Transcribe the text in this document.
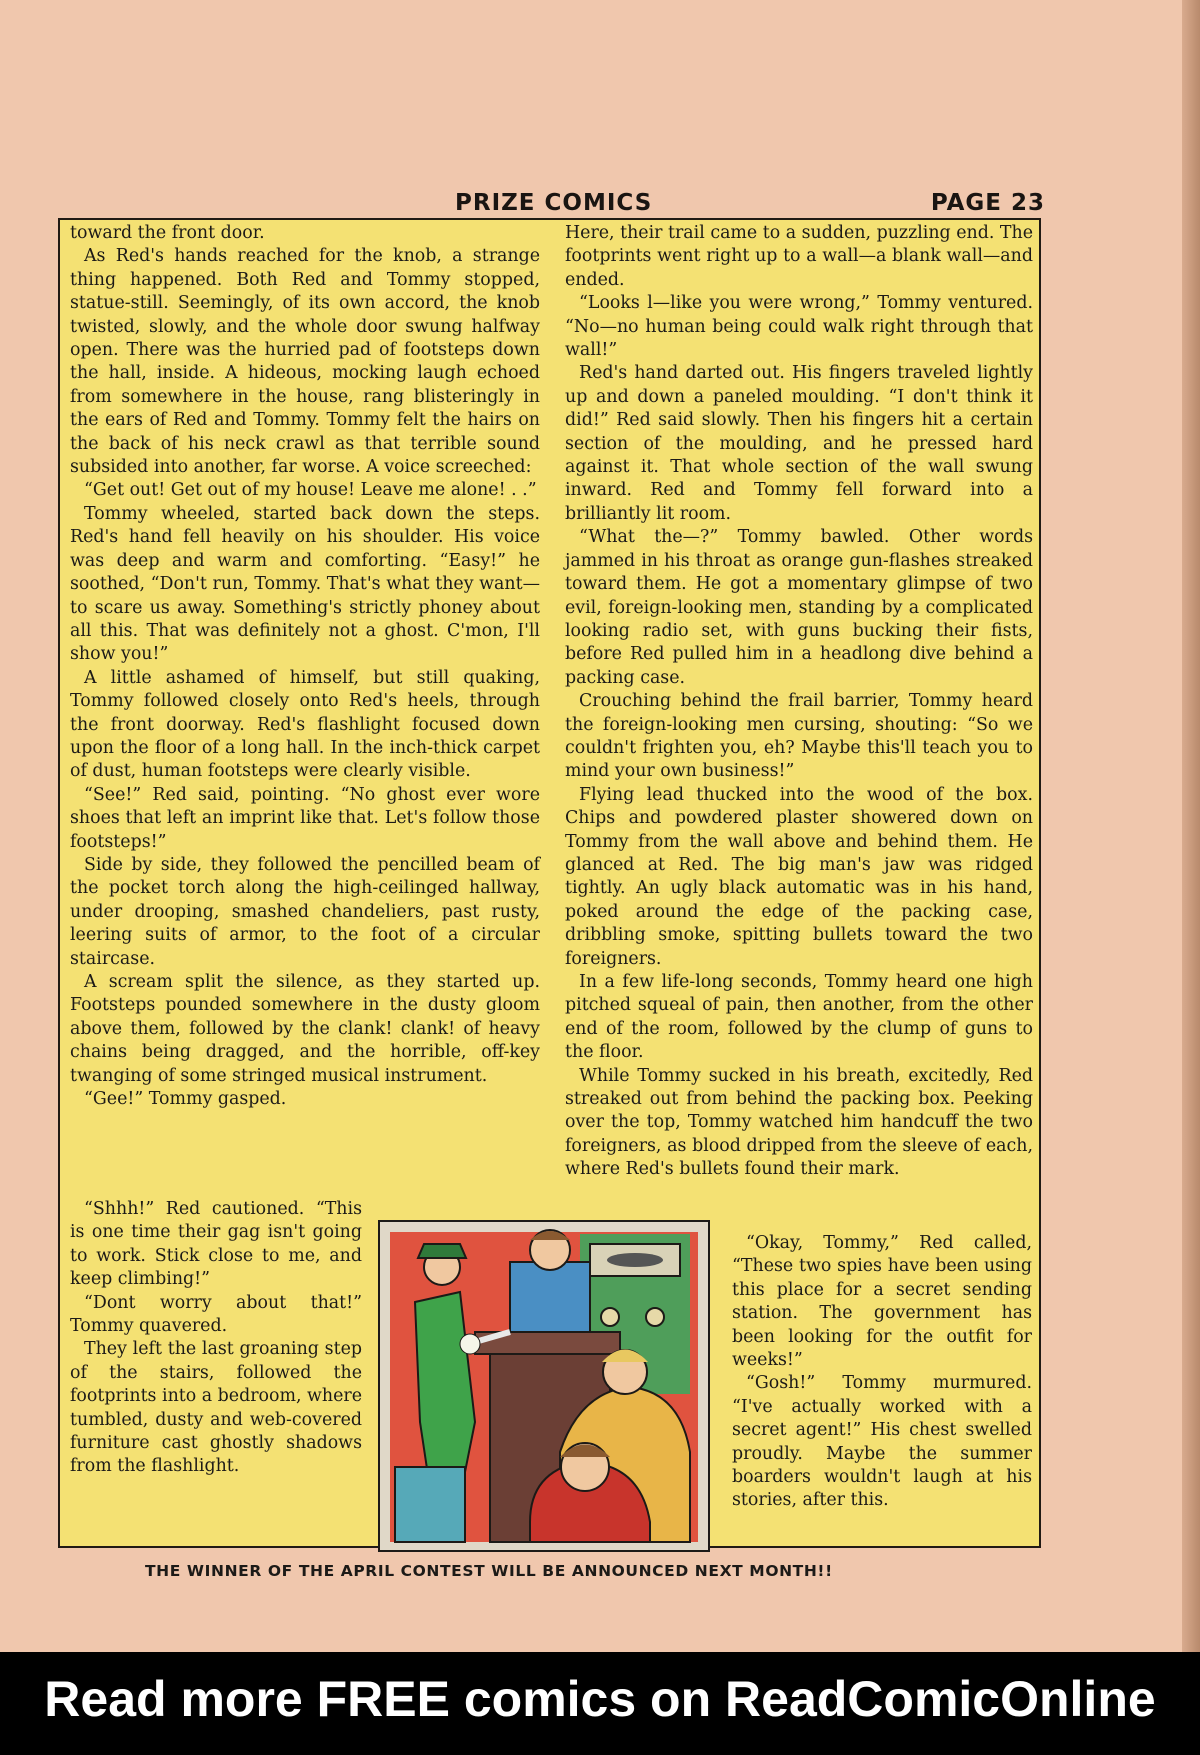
PRIZE COMICS	PAGE 23

toward the front door.

As Red's hands reached for the knob, a strange thing happened. Both Red and Tommy stopped, statue-still. Seemingly, of its own accord, the knob twisted, slowly, and the whole door swung halfway open. There was the hurried pad of footsteps down the hall, inside. A hideous, mocking laugh echoed from somewhere in the house, rang blisteringly in the ears of Red and Tommy. Tommy felt the hairs on the back of his neck crawl as that terrible sound subsided into another, far worse. A voice screeched:

“Get out! Get out of my house! Leave me alone! . .”

Tommy wheeled, started back down the steps. Red's hand fell heavily on his shoulder. His voice was deep and warm and comforting. “Easy!” he soothed, “Don't run, Tommy. That's what they want—to scare us away. Something's strictly phoney about all this. That was definitely not a ghost. C'mon, I'll show you!”

A little ashamed of himself, but still quaking, Tommy followed closely onto Red's heels, through the front doorway. Red's flashlight focused down upon the floor of a long hall. In the inch-thick carpet of dust, human footsteps were clearly visible.

“See!” Red said, pointing. “No ghost ever wore shoes that left an imprint like that. Let's follow those footsteps!”

Side by side, they followed the pencilled beam of the pocket torch along the high-ceilinged hallway, under drooping, smashed chandeliers, past rusty, leering suits of armor, to the foot of a circular staircase.

A scream split the silence, as they started up. Footsteps pounded somewhere in the dusty gloom above them, followed by the clank! clank! of heavy chains being dragged, and the horrible, off-key twanging of some stringed musical instrument.

“Gee!” Tommy gasped.

“Shhh!” Red cautioned. “This is one time their gag isn't going to work. Stick close to me, and keep climbing!”

“Dont worry about that!” Tommy quavered.

They left the last groaning step of the stairs, followed the footprints into a bedroom, where tumbled, dusty and web-covered furniture cast ghostly shadows from the flashlight.

Here, their trail came to a sudden, puzzling end. The footprints went right up to a wall—a blank wall—and ended.

“Looks l—like you were wrong,” Tommy ventured. “No—no human being could walk right through that wall!”

Red's hand darted out. His fingers traveled lightly up and down a paneled moulding. “I don't think it did!” Red said slowly. Then his fingers hit a certain section of the moulding, and he pressed hard against it. That whole section of the wall swung inward. Red and Tommy fell forward into a brilliantly lit room.

“What the—?” Tommy bawled. Other words jammed in his throat as orange gun-flashes streaked toward them. He got a momentary glimpse of two evil, foreign-looking men, standing by a complicated looking radio set, with guns bucking their fists, before Red pulled him in a headlong dive behind a packing case.

Crouching behind the frail barrier, Tommy heard the foreign-looking men cursing, shouting: “So we couldn't frighten you, eh? Maybe this'll teach you to mind your own business!”

Flying lead thucked into the wood of the box. Chips and powdered plaster showered down on Tommy from the wall above and behind them. He glanced at Red. The big man's jaw was ridged tightly. An ugly black automatic was in his hand, poked around the edge of the packing case, dribbling smoke, spitting bullets toward the two foreigners.

In a few life-long seconds, Tommy heard one high pitched squeal of pain, then another, from the other end of the room, followed by the clump of guns to the floor.

While Tommy sucked in his breath, excitedly, Red streaked out from behind the packing box. Peeking over the top, Tommy watched him handcuff the two foreigners, as blood dripped from the sleeve of each, where Red's bullets found their mark.

“Okay, Tommy,” Red called, “These two spies have been using this place for a secret sending station. The government has been looking for the outfit for weeks!”

“Gosh!” Tommy murmured. “I've actually worked with a secret agent!” His chest swelled proudly. Maybe the summer boarders wouldn't laugh at his stories, after this.

THE WINNER OF THE APRIL CONTEST WILL BE ANNOUNCED NEXT MONTH!!
Read more FREE comics on ReadComicOnline
